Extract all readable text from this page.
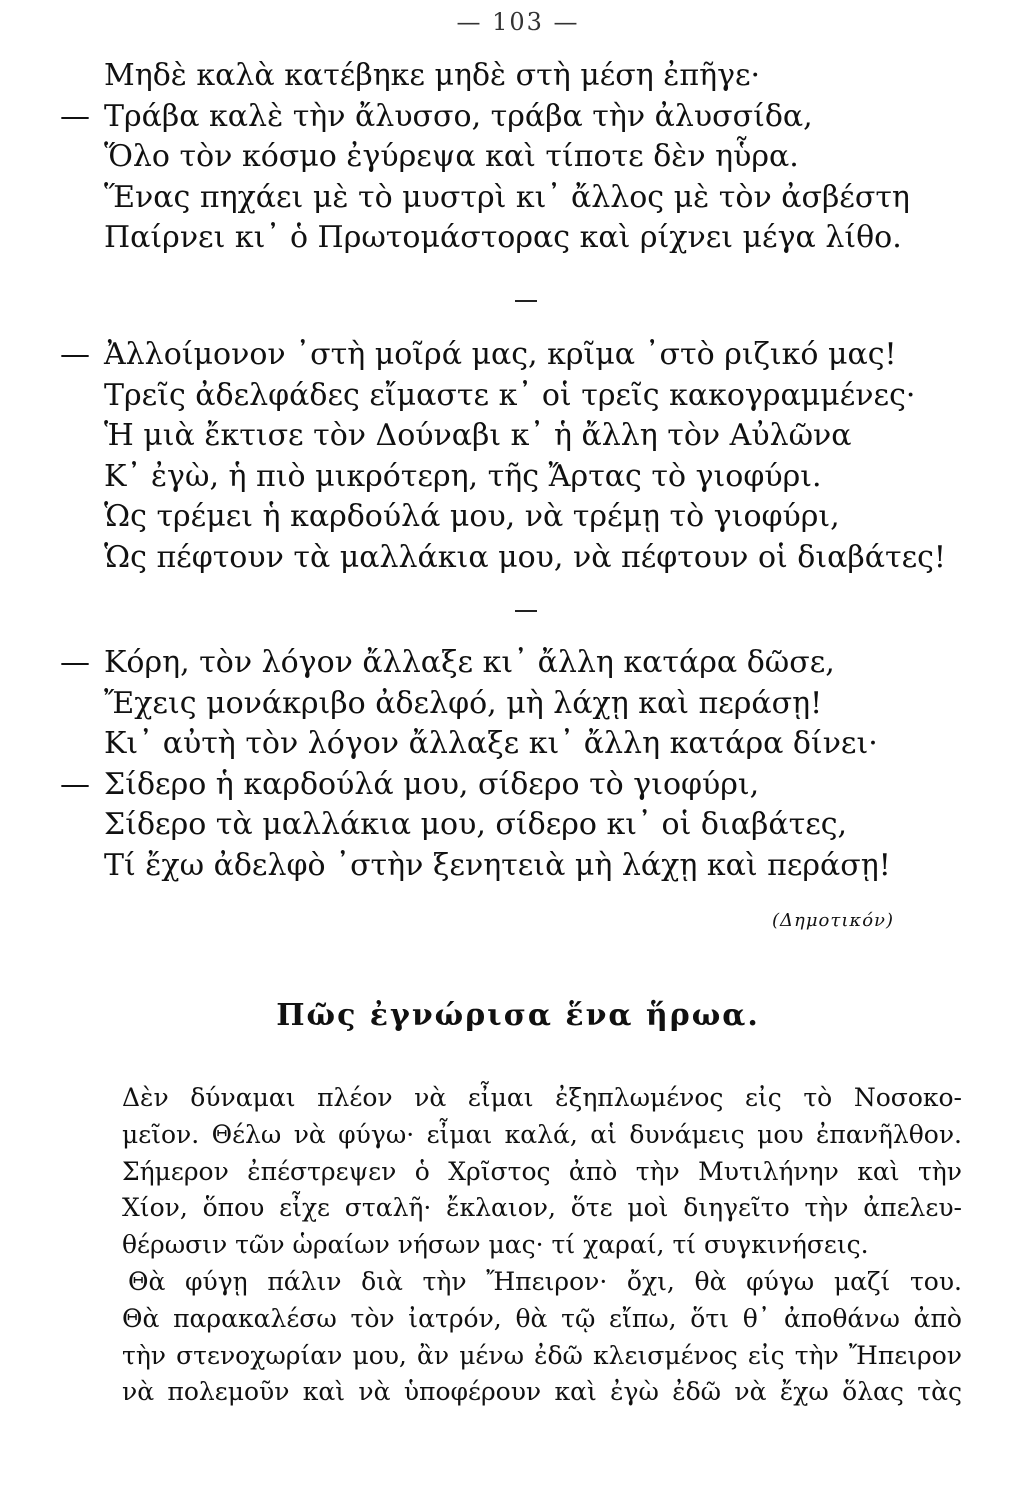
— 103 —
Μηδὲ καλὰ κατέβηκε μηδὲ στὴ μέση ἐπῆγε·
— Τράβα καλὲ τὴν ἄλυσσο, τράβα τὴν ἀλυσσίδα,
Ὅλο τὸν κόσμο ἐγύρεψα καὶ τίποτε δὲν ηὗρα.
Ἕνας πηχάει μὲ τὸ μυστρὶ κι᾽ ἄλλος μὲ τὸν ἀσβέστη
Παίρνει κι᾽ ὁ Πρωτομάστορας καὶ ρίχνει μέγα λίθο.
— Ἀλλοίμονον ᾽στὴ μοῖρά μας, κρῖμα ᾽στὸ ριζικό μας!
Τρεῖς ἀδελφάδες εἴμαστε κ᾽ οἱ τρεῖς κακογραμμένες·
Ἡ μιὰ ἔκτισε τὸν Δούναβι κ᾽ ἡ ἄλλη τὸν Αὐλῶνα
Κ᾽ ἐγὼ, ἡ πιὸ μικρότερη, τῆς Ἄρτας τὸ γιοφύρι.
Ὡς τρέμει ἡ καρδούλά μου, νὰ τρέμῃ τὸ γιοφύρι,
Ὡς πέφτουν τὰ μαλλάκια μου, νὰ πέφτουν οἱ διαβάτες!
— Κόρη, τὸν λόγον ἄλλαξε κι᾽ ἄλλη κατάρα δῶσε,
Ἔχεις μονάκριβο ἀδελφό, μὴ λάχῃ καὶ περάσῃ!
Κι᾽ αὐτὴ τὸν λόγον ἄλλαξε κι᾽ ἄλλη κατάρα δίνει·
— Σίδερο ἡ καρδούλά μου, σίδερο τὸ γιοφύρι,
Σίδερο τὰ μαλλάκια μου, σίδερο κι᾽ οἱ διαβάτες,
Τί ἔχω ἀδελφὸ ᾽στὴν ξενητειὰ μὴ λάχῃ καὶ περάσῃ!
(Δημοτικόν)
Πῶς ἐγνώρισα ἕνα ἥρωα.
Δὲν δύναμαι πλέον νὰ εἶμαι ἐξηπλωμένος εἰς τὸ Νοσοκο-
μεῖον. Θέλω νὰ φύγω· εἶμαι καλά, αἱ δυνάμεις μου ἐπανῆλθον.
Σήμερον ἐπέστρεψεν ὁ Χρῖστος ἀπὸ τὴν Μυτιλήνην καὶ τὴν
Χίον, ὅπου εἶχε σταλῆ· ἔκλαιον, ὅτε μοὶ διηγεῖτο τὴν ἀπελευ-
θέρωσιν τῶν ὡραίων νήσων μας· τί χαραί, τί συγκινήσεις.
Θὰ φύγῃ πάλιν διὰ τὴν Ἤπειρον· ὄχι, θὰ φύγω μαζί του.
Θὰ παρακαλέσω τὸν ἰατρόν, θὰ τῷ εἴπω, ὅτι θ᾽ ἀποθάνω ἀπὸ
τὴν στενοχωρίαν μου, ἂν μένω ἐδῶ κλεισμένος εἰς τὴν Ἤπειρον
νὰ πολεμοῦν καὶ νὰ ὑποφέρουν καὶ ἐγὼ ἐδῶ νὰ ἔχω ὅλας τὰς
